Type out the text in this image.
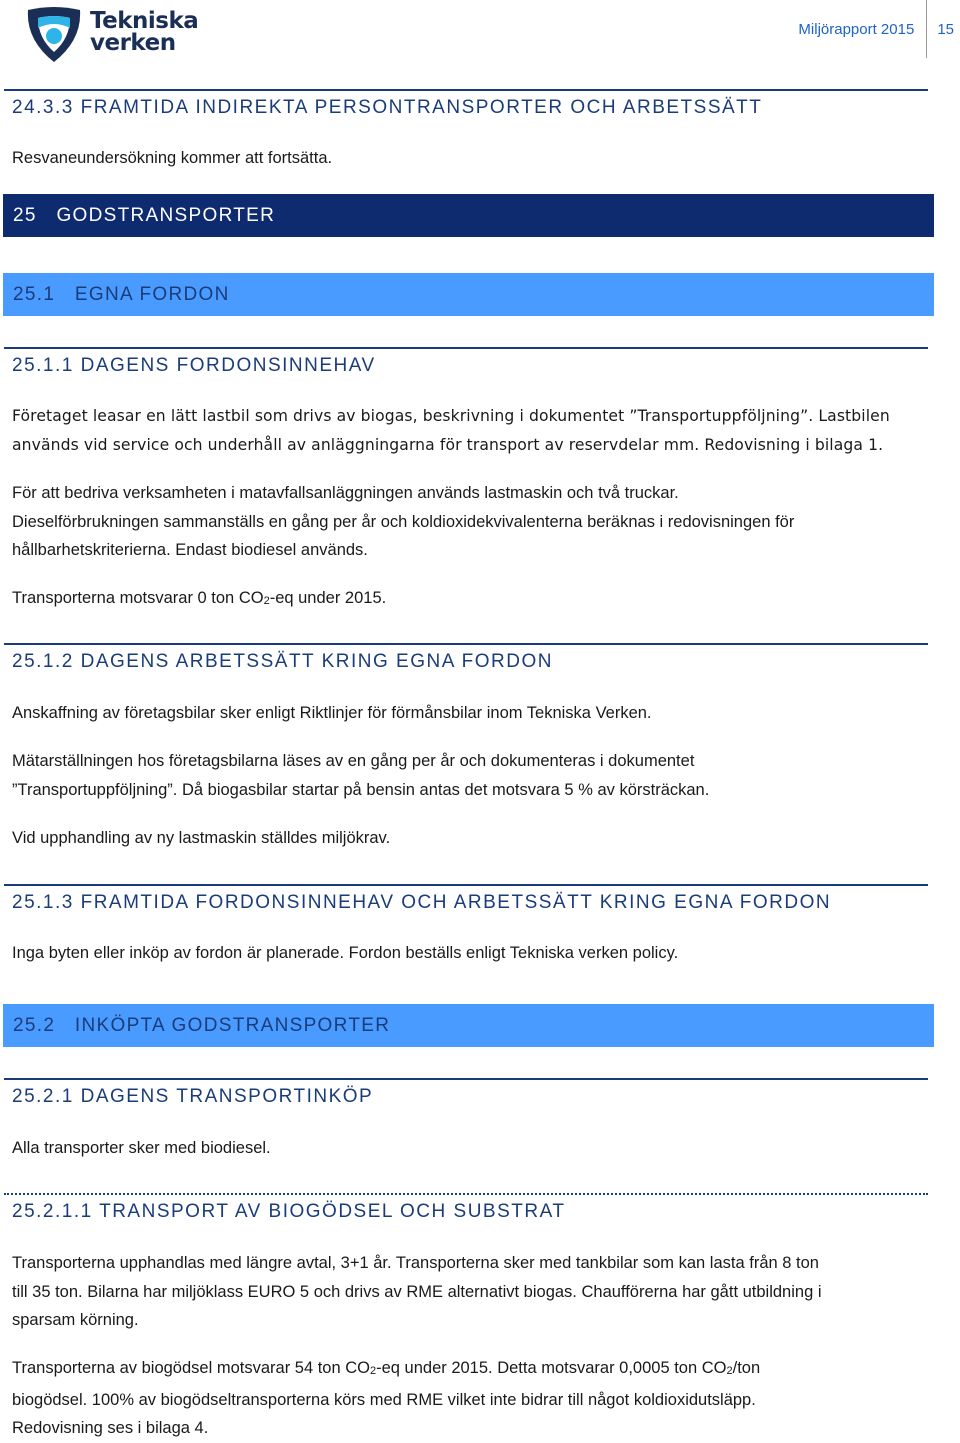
Tekniska
verken
Miljörapport 2015	15
24.3.3 FRAMTIDA INDIREKTA PERSONTRANSPORTER OCH ARBETSSÄTT
Resvaneundersökning kommer att fortsätta.
25   GODSTRANSPORTER
25.1   EGNA FORDON
25.1.1 DAGENS FORDONSINNEHAV
Företaget leasar en lätt lastbil som drivs av biogas, beskrivning i dokumentet ”Transportuppföljning”. Lastbilen
används vid service och underhåll av anläggningarna för transport av reservdelar mm. Redovisning i bilaga 1.
För att bedriva verksamheten i matavfallsanläggningen används lastmaskin och två truckar.
Dieselförbrukningen sammanställs en gång per år och koldioxidekvivalenterna beräknas i redovisningen för
hållbarhetskriterierna. Endast biodiesel används.
Transporterna motsvarar 0 ton $CO_2-eq$ under 2015.
25.1.2 DAGENS ARBETSSÄTT KRING EGNA FORDON
Anskaffning av företagsbilar sker enligt Riktlinjer för förmånsbilar inom Tekniska Verken.
Mätarställningen hos företagsbilarna läses av en gång per år och dokumenteras i dokumentet
”Transportuppföljning”. Då biogasbilar startar på bensin antas det motsvara 5 % av körsträckan.
Vid upphandling av ny lastmaskin ställdes miljökrav.
25.1.3 FRAMTIDA FORDONSINNEHAV OCH ARBETSSÄTT KRING EGNA FORDON
Inga byten eller inköp av fordon är planerade. Fordon beställs enligt Tekniska verken policy.
25.2   INKÖPTA GODSTRANSPORTER
25.2.1 DAGENS TRANSPORTINKÖP
Alla transporter sker med biodiesel.
25.2.1.1 TRANSPORT AV BIOGÖDSEL OCH SUBSTRAT
Transporterna upphandlas med längre avtal, 3+1 år. Transporterna sker med tankbilar som kan lasta från 8 ton
till 35 ton. Bilarna har miljöklass EURO 5 och drivs av RME alternativt biogas. Chaufförerna har gått utbildning i
sparsam körning.
Transporterna av biogödsel motsvarar 54 ton $CO_2-eq$ under 2015. Detta motsvarar 0,0005 ton $CO_2$/ton
biogödsel. 100% av biogödseltransporterna körs med RME vilket inte bidrar till något koldioxidutsläpp.
Redovisning ses i bilaga 4.
